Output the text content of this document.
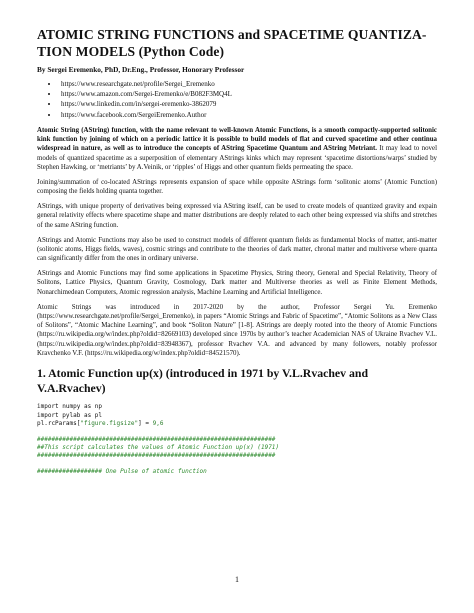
ATOMIC STRING FUNCTIONS and SPACETIME QUANTIZA-
TION MODELS (Python Code)
By Sergei Eremenko, PhD, Dr.Eng., Professor, Honorary Professor
• https://www.researchgate.net/profile/Sergei_Eremenko
• https://www.amazon.com/Sergei-Eremenko/e/B082F3MQ4L
• https://www.linkedin.com/in/sergei-eremenko-3862079
• https://www.facebook.com/SergeiEremenko.Author

Atomic String (AString) function, with the name relevant to well-known Atomic Functions, is a smooth compactly-supported solitonic kink function by joining of which on a periodic lattice it is possible to build models of flat and curved spacetime and other continua widespread in nature, as well as to introduce the concepts of AString Spacetime Quantum and AString Metriant. It may lead to novel models of quantized spacetime as a superposition of elementary AStrings kinks which may represent ‘spacetime distortions/warps’ studied by Stephen Hawking, or ‘metriants’ by A.Veinik, or ‘ripples’ of Higgs and other quantum fields permeating the space.

Joining/summation of co-located AStrings represents expansion of space while opposite AStrings form ‘solitonic atoms’ (Atomic Function) composing the fields holding quanta together.

AStrings, with unique property of derivatives being expressed via AString itself, can be used to create models of quantized gravity and expain general relativity effects where spacetime shape and matter distributions are deeply related to each other being expressed via shifts and stretches of the same AString function.

AStrings and Atomic Functions may also be used to construct models of different quantum fields as fundamental blocks of matter, anti-matter (solitonic atoms, Higgs fields, waves), cosmic strings and contribute to the theories of dark matter, chronal matter and multiverse where quanta can significantly differ from the ones in ordinary universe.

AStrings and Atomic Functions may find some applications in Spacetime Physics, String theory, General and Special Relativity, Theory of Solitons, Lattice Physics, Quantum Gravity, Cosmology, Dark matter and Multiverse theories as well as Finite Element Methods, Nonarchimedean Computers, Atomic regression analysis, Machine Learning and Artificial Intelligence.

Atomic Strings was introduced in 2017-2020 by the author, Professor Sergei Yu. Eremenko (https://www.researchgate.net/profile/Sergei_Eremenko), in papers “Atomic Strings and Fabric of Spacetime”, “Atomic Solitons as a New Class of Solitons”, “Atomic Machine Learning”, and book “Soliton Nature” [1-8]. AStrings are deeply rooted into the theory of Atomic Functions (https://ru.wikipedia.org/w/index.php?oldid=82669103) developed since 1970s by author’s teacher Academician NAS of Ukraine Rvachev V.L. (https://ru.wikipedia.org/w/index.php?oldid=83948367), professor Rvachev V.A. and advanced by many followers, notably professor Kravchenko V.F. (https://ru.wikipedia.org/w/index.php?oldid=84521570).

1. Atomic Function up(x) (introduced in 1971 by V.L.Rvachev and
V.A.Rvachev)
import numpy as np
import pylab as pl
pl.rcParams["figure.figsize"] = 9,6

##################################################################
##This script calculates the values of Atomic Function up(x) (1971)
##################################################################

################## One Pulse of atomic function
1
